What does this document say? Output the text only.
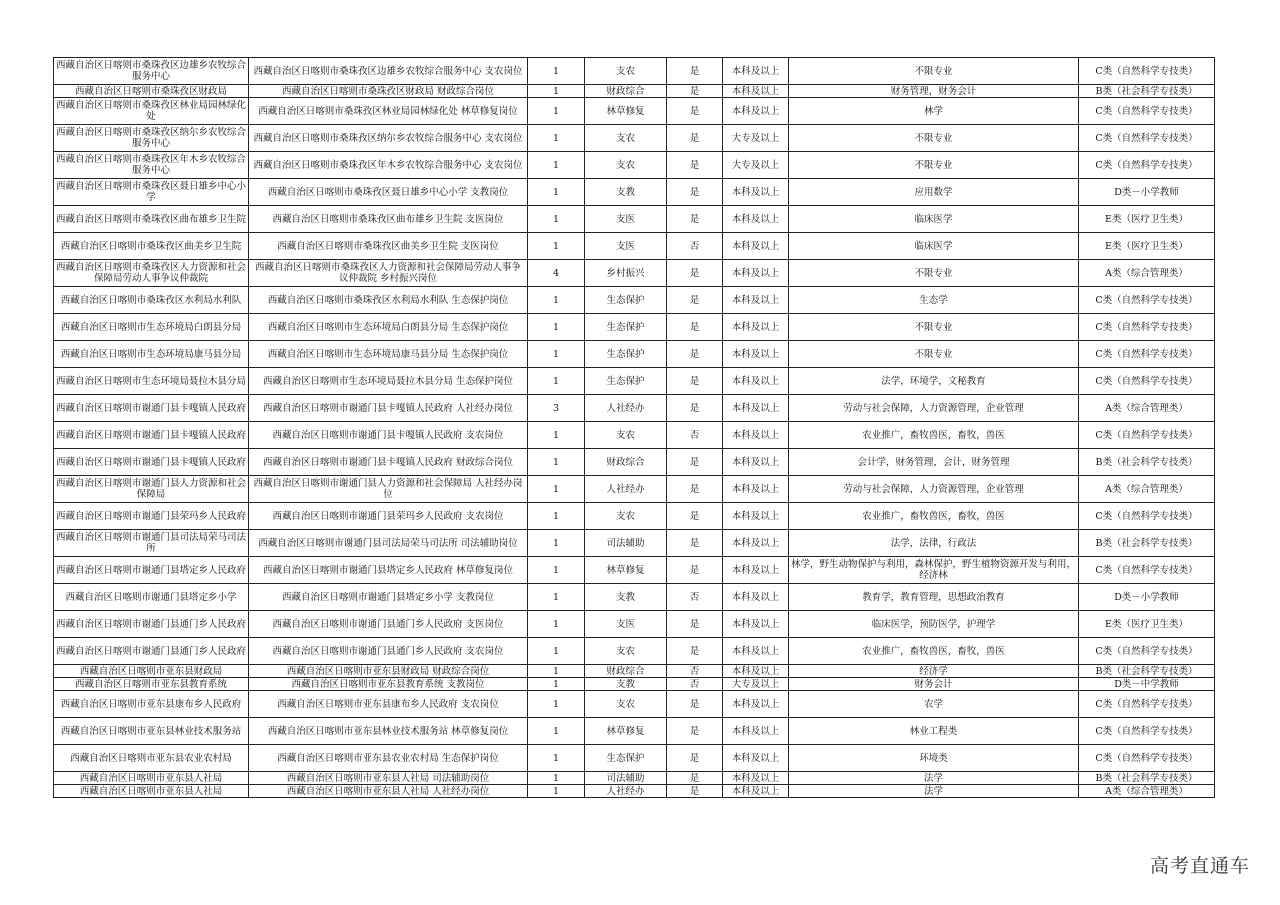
西藏自治区日喀则市桑珠孜区边雄乡农牧综合服务中心	西藏自治区日喀则市桑珠孜区边雄乡农牧综合服务中心 支农岗位	1	支农	是	本科及以上	不限专业	C类（自然科学专技类）
西藏自治区日喀则市桑珠孜区财政局	西藏自治区日喀则市桑珠孜区财政局 财政综合岗位	1	财政综合	是	本科及以上	财务管理，财务会计	B类（社会科学专技类）
西藏自治区日喀则市桑珠孜区林业局园林绿化处	西藏自治区日喀则市桑珠孜区林业局园林绿化处 林草修复岗位	1	林草修复	是	本科及以上	林学	C类（自然科学专技类）
西藏自治区日喀则市桑珠孜区纳尔乡农牧综合服务中心	西藏自治区日喀则市桑珠孜区纳尔乡农牧综合服务中心 支农岗位	1	支农	是	大专及以上	不限专业	C类（自然科学专技类）
西藏自治区日喀则市桑珠孜区年木乡农牧综合服务中心	西藏自治区日喀则市桑珠孜区年木乡农牧综合服务中心 支农岗位	1	支农	是	大专及以上	不限专业	C类（自然科学专技类）
西藏自治区日喀则市桑珠孜区聂日雄乡中心小学	西藏自治区日喀则市桑珠孜区聂日雄乡中心小学 支教岗位	1	支教	是	本科及以上	应用数学	D类－小学教师
西藏自治区日喀则市桑珠孜区曲布雄乡卫生院	西藏自治区日喀则市桑珠孜区曲布雄乡卫生院 支医岗位	1	支医	是	本科及以上	临床医学	E类（医疗卫生类）
西藏自治区日喀则市桑珠孜区曲美乡卫生院	西藏自治区日喀则市桑珠孜区曲美乡卫生院 支医岗位	1	支医	否	本科及以上	临床医学	E类（医疗卫生类）
西藏自治区日喀则市桑珠孜区人力资源和社会保障局劳动人事争议仲裁院	西藏自治区日喀则市桑珠孜区人力资源和社会保障局劳动人事争议仲裁院 乡村振兴岗位	4	乡村振兴	是	本科及以上	不限专业	A类（综合管理类）
西藏自治区日喀则市桑珠孜区水利局水利队	西藏自治区日喀则市桑珠孜区水利局水利队 生态保护岗位	1	生态保护	是	本科及以上	生态学	C类（自然科学专技类）
西藏自治区日喀则市生态环境局白朗县分局	西藏自治区日喀则市生态环境局白朗县分局 生态保护岗位	1	生态保护	是	本科及以上	不限专业	C类（自然科学专技类）
西藏自治区日喀则市生态环境局康马县分局	西藏自治区日喀则市生态环境局康马县分局 生态保护岗位	1	生态保护	是	本科及以上	不限专业	C类（自然科学专技类）
西藏自治区日喀则市生态环境局聂拉木县分局	西藏自治区日喀则市生态环境局聂拉木县分局 生态保护岗位	1	生态保护	是	本科及以上	法学，环境学，文秘教育	C类（自然科学专技类）
西藏自治区日喀则市谢通门县卡嘎镇人民政府	西藏自治区日喀则市谢通门县卡嘎镇人民政府 人社经办岗位	3	人社经办	是	本科及以上	劳动与社会保障，人力资源管理，企业管理	A类（综合管理类）
西藏自治区日喀则市谢通门县卡嘎镇人民政府	西藏自治区日喀则市谢通门县卡嘎镇人民政府 支农岗位	1	支农	否	本科及以上	农业推广，畜牧兽医，畜牧，兽医	C类（自然科学专技类）
西藏自治区日喀则市谢通门县卡嘎镇人民政府	西藏自治区日喀则市谢通门县卡嘎镇人民政府 财政综合岗位	1	财政综合	是	本科及以上	会计学，财务管理，会计，财务管理	B类（社会科学专技类）
西藏自治区日喀则市谢通门县人力资源和社会保障局	西藏自治区日喀则市谢通门县人力资源和社会保障局 人社经办岗位	1	人社经办	是	本科及以上	劳动与社会保障，人力资源管理，企业管理	A类（综合管理类）
西藏自治区日喀则市谢通门县荣玛乡人民政府	西藏自治区日喀则市谢通门县荣玛乡人民政府 支农岗位	1	支农	是	本科及以上	农业推广，畜牧兽医，畜牧，兽医	C类（自然科学专技类）
西藏自治区日喀则市谢通门县司法局荣马司法所	西藏自治区日喀则市谢通门县司法局荣马司法所 司法辅助岗位	1	司法辅助	是	本科及以上	法学，法律，行政法	B类（社会科学专技类）
西藏自治区日喀则市谢通门县塔定乡人民政府	西藏自治区日喀则市谢通门县塔定乡人民政府 林草修复岗位	1	林草修复	是	本科及以上	林学，野生动物保护与利用，森林保护，野生植物资源开发与利用，经济林	C类（自然科学专技类）
西藏自治区日喀则市谢通门县塔定乡小学	西藏自治区日喀则市谢通门县塔定乡小学 支教岗位	1	支教	否	本科及以上	教育学，教育管理，思想政治教育	D类－小学教师
西藏自治区日喀则市谢通门县通门乡人民政府	西藏自治区日喀则市谢通门县通门乡人民政府 支医岗位	1	支医	是	本科及以上	临床医学，预防医学，护理学	E类（医疗卫生类）
西藏自治区日喀则市谢通门县通门乡人民政府	西藏自治区日喀则市谢通门县通门乡人民政府 支农岗位	1	支农	是	本科及以上	农业推广，畜牧兽医，畜牧，兽医	C类（自然科学专技类）
西藏自治区日喀则市亚东县财政局	西藏自治区日喀则市亚东县财政局 财政综合岗位	1	财政综合	否	本科及以上	经济学	B类（社会科学专技类）
西藏自治区日喀则市亚东县教育系统	西藏自治区日喀则市亚东县教育系统 支教岗位	1	支教	否	大专及以上	财务会计	D类－中学教师
西藏自治区日喀则市亚东县康布乡人民政府	西藏自治区日喀则市亚东县康布乡人民政府 支农岗位	1	支农	是	本科及以上	农学	C类（自然科学专技类）
西藏自治区日喀则市亚东县林业技术服务站	西藏自治区日喀则市亚东县林业技术服务站 林草修复岗位	1	林草修复	是	本科及以上	林业工程类	C类（自然科学专技类）
西藏自治区日喀则市亚东县农业农村局	西藏自治区日喀则市亚东县农业农村局 生态保护岗位	1	生态保护	是	本科及以上	环境类	C类（自然科学专技类）
西藏自治区日喀则市亚东县人社局	西藏自治区日喀则市亚东县人社局 司法辅助岗位	1	司法辅助	是	本科及以上	法学	B类（社会科学专技类）
西藏自治区日喀则市亚东县人社局	西藏自治区日喀则市亚东县人社局 人社经办岗位	1	人社经办	是	本科及以上	法学	A类（综合管理类）
高考直通车
